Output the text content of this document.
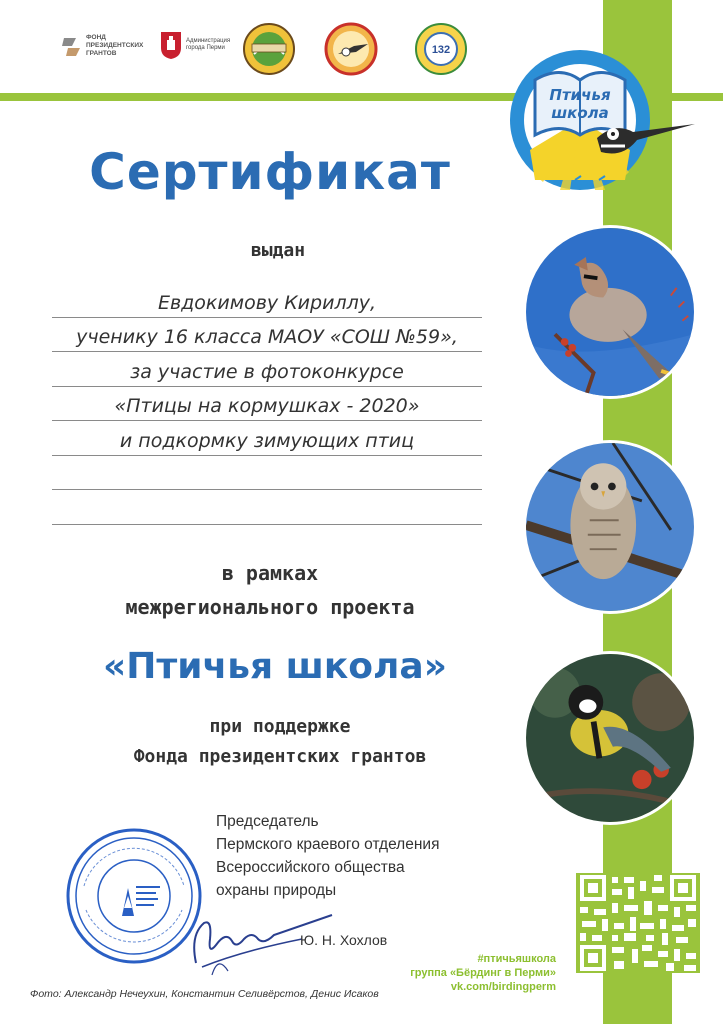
ФОНД
ПРЕЗИДЕНТСКИХ
ГРАНТОВ
Администрация
города Перми	132
Птичья
школа
Сертификат
выдан
Евдокимову Кириллу,
ученику 16 класса МАОУ «СОШ №59»,
за участие в фотоконкурсе
«Птицы на кормушках - 2020»
и подкормку зимующих птиц
в рамках
межрегионального проекта
«Птичья школа»
при поддержке
Фонда президентских грантов
Председатель
Пермского краевого отделения
Всероссийского общества
охраны природы
Ю. Н. Хохлов
Фото: Александр Нечеухин, Константин Селивёрстов, Денис Исаков
г. Пермь
2020
#птичьяшкола
группа «Бёрдинг в Перми»
vk.com/birdingperm
